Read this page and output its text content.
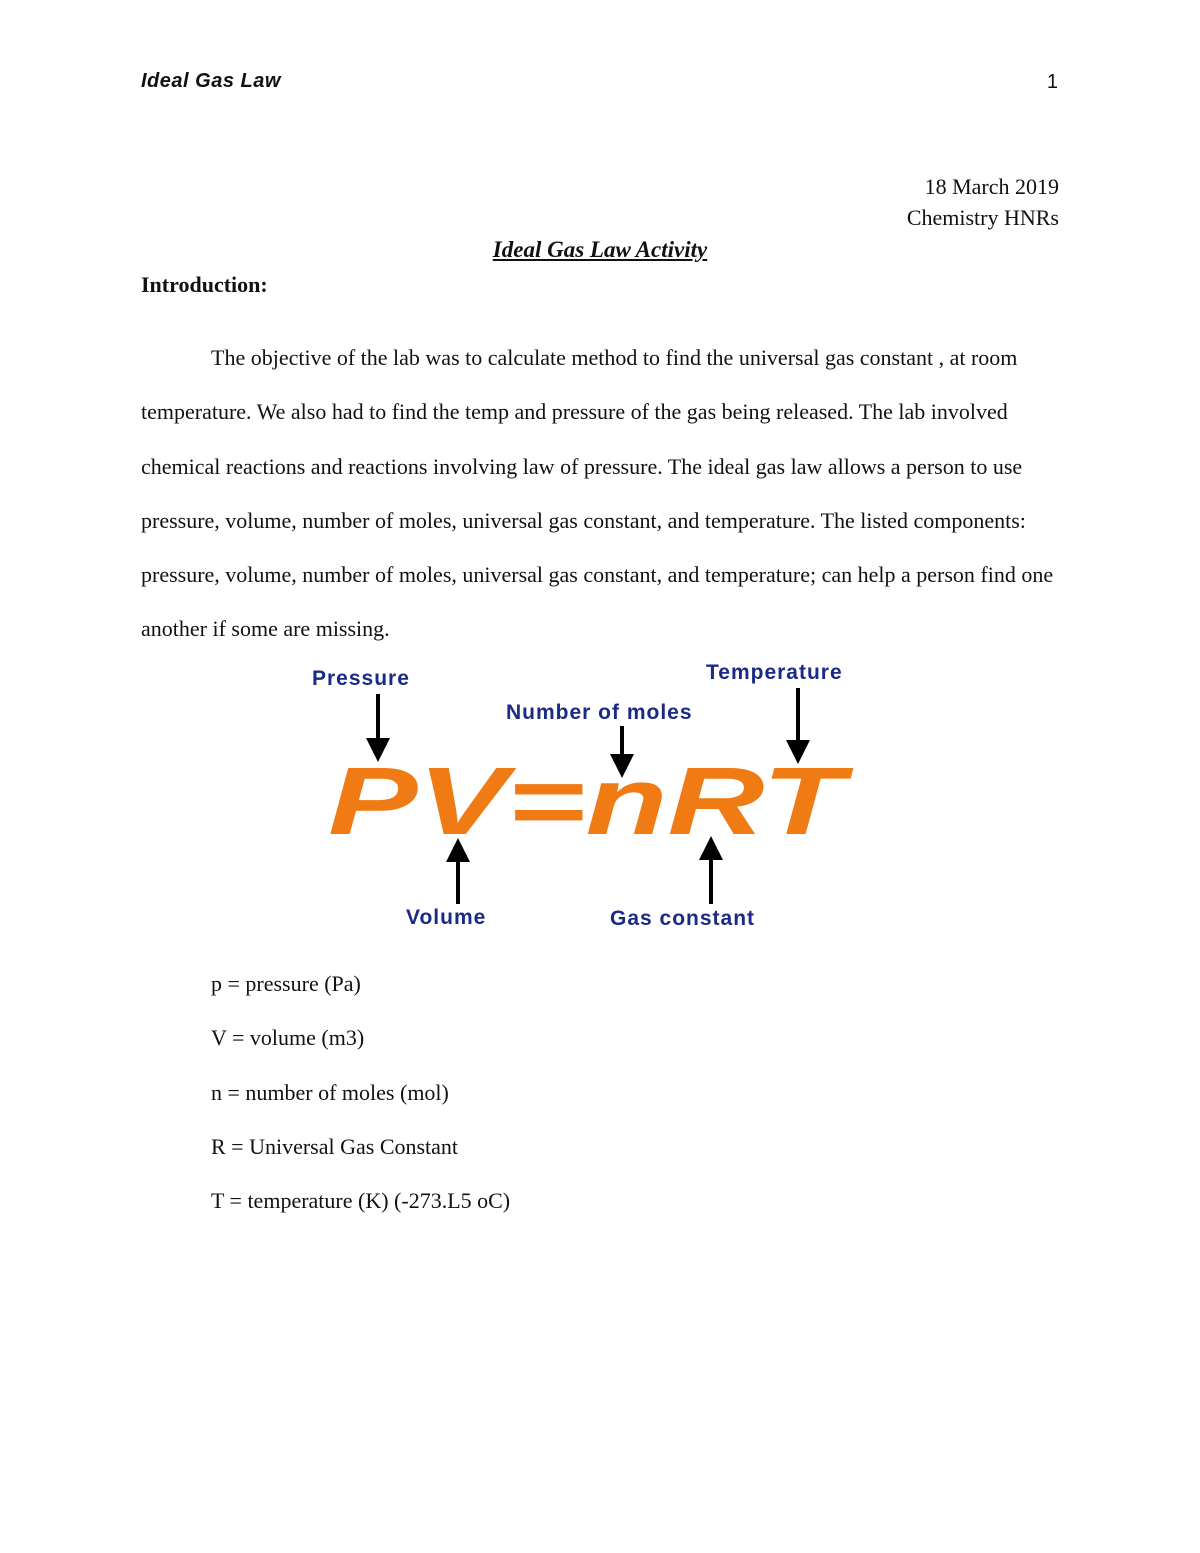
Ideal Gas Law	1
18 March 2019
Chemistry HNRs
Ideal Gas Law Activity
Introduction:

The objective of the lab was to calculate method to find the universal gas constant , at room temperature. We also had to find the temp and pressure of the gas being released. The lab involved chemical reactions and reactions involving law of pressure. The ideal gas law allows a person to use pressure, volume, number of moles, universal gas constant, and temperature. The listed components: pressure, volume, number of moles, universal gas constant, and temperature; can help a person find one another if some are missing.

Pressure
Number of moles
Temperature
PV=nRT
Volume	Gas constant
p = pressure (Pa)
V = volume (m3)
n = number of moles (mol)
R = Universal Gas Constant
T = temperature (K) (-273.L5 oC)
